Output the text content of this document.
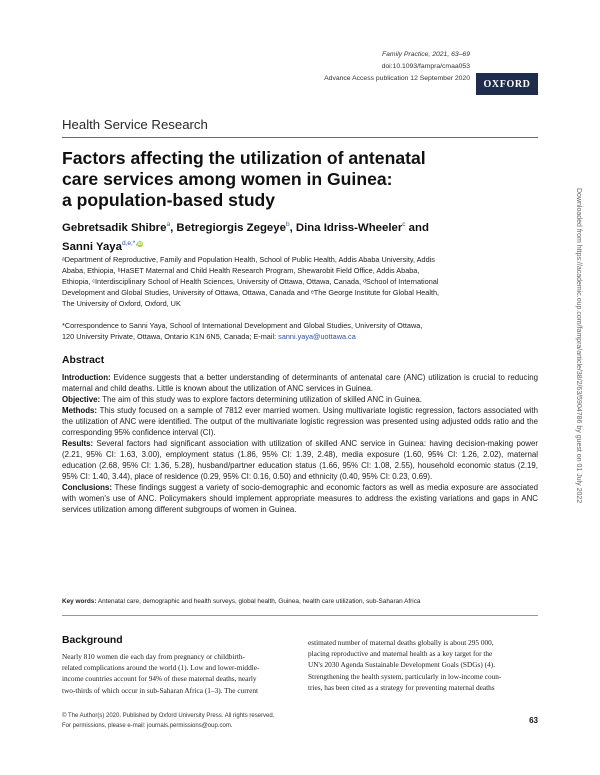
Family Practice, 2021, 63–69
doi:10.1093/fampra/cmaa053
Advance Access publication 12 September 2020 OXFORD
Health Service Research
Factors affecting the utilization of antenatal
care services among women in Guinea:
a population-based study
Gebretsadik Shibre$^a$, Betregiorgis Zegeye$^b$, Dina Idriss-Wheeler$^c$ and
Sanni Yaya$^{d,e,*,}$iD
ᵃDepartment of Reproductive, Family and Population Health, School of Public Health, Addis Ababa University, Addis
Ababa, Ethiopia, ᵇHaSET Maternal and Child Health Research Program, Shewarobit Field Office, Addis Ababa,
Ethiopia, ᶜInterdisciplinary School of Health Sciences, University of Ottawa, Ottawa, Canada, ᵈSchool of International
Development and Global Studies, University of Ottawa, Ottawa, Canada and ᵉThe George Institute for Global Health,
The University of Oxford, Oxford, UK
*Correspondence to Sanni Yaya, School of International Development and Global Studies, University of Ottawa,
120 University Private, Ottawa, Ontario K1N 6N5, Canada; E-mail: sanni.yaya@uottawa.ca
Abstract
Introduction: Evidence suggests that a better understanding of determinants of antenatal care (ANC) utilization is crucial to reducing maternal and child deaths. Little is known about the utilization of ANC services in Guinea.
Objective: The aim of this study was to explore factors determining utilization of skilled ANC in Guinea.
Methods: This study focused on a sample of 7812 ever married women. Using multivariate logistic regression, factors associated with the utilization of ANC were identified. The output of the multivariate logistic regression was presented using adjusted odds ratio and the corresponding 95% confidence interval (CI).
Results: Several factors had significant association with utilization of skilled ANC service in Guinea: having decision-making power (2.21, 95% CI: 1.63, 3.00), employment status (1.86, 95% CI: 1.39, 2.48), media exposure (1.60, 95% CI: 1.26, 2.02), maternal education (2.68, 95% CI: 1.36, 5.28), husband/partner education status (1.66, 95% CI: 1.08, 2.55), household economic status (2.19, 95% CI: 1.40, 3.44), place of residence (0.29, 95% CI: 0.16, 0.50) and ethnicity (0.40, 95% CI: 0.23, 0.69).
Conclusions: These findings suggest a variety of socio-demographic and economic factors as well as media exposure are associated with women's use of ANC. Policymakers should implement appropriate measures to address the existing variations and gaps in ANC services utilization among different subgroups of women in Guinea.
Key words: Antenatal care, demographic and health surveys, global health, Guinea, health care utilization, sub-Saharan Africa
Background
Nearly 810 women die each day from pregnancy or childbirth-
related complications around the world (1). Low and lower-middle-
income countries account for 94% of these maternal deaths, nearly
two-thirds of which occur in sub-Saharan Africa (1–3). The current
estimated number of maternal deaths globally is about 295 000,
placing reproductive and maternal health as a key target for the
UN's 2030 Agenda Sustainable Development Goals (SDGs) (4).
Strengthening the health system, particularly in low-income coun-
tries, has been cited as a strategy for preventing maternal deaths
© The Author(s) 2020. Published by Oxford University Press. All rights reserved.
For permissions, please e-mail: journals.permissions@oup.com.
63
Downloaded from https://academic.oup.com/fampra/article/38/2/63/5904786 by guest on 01 July 2022
